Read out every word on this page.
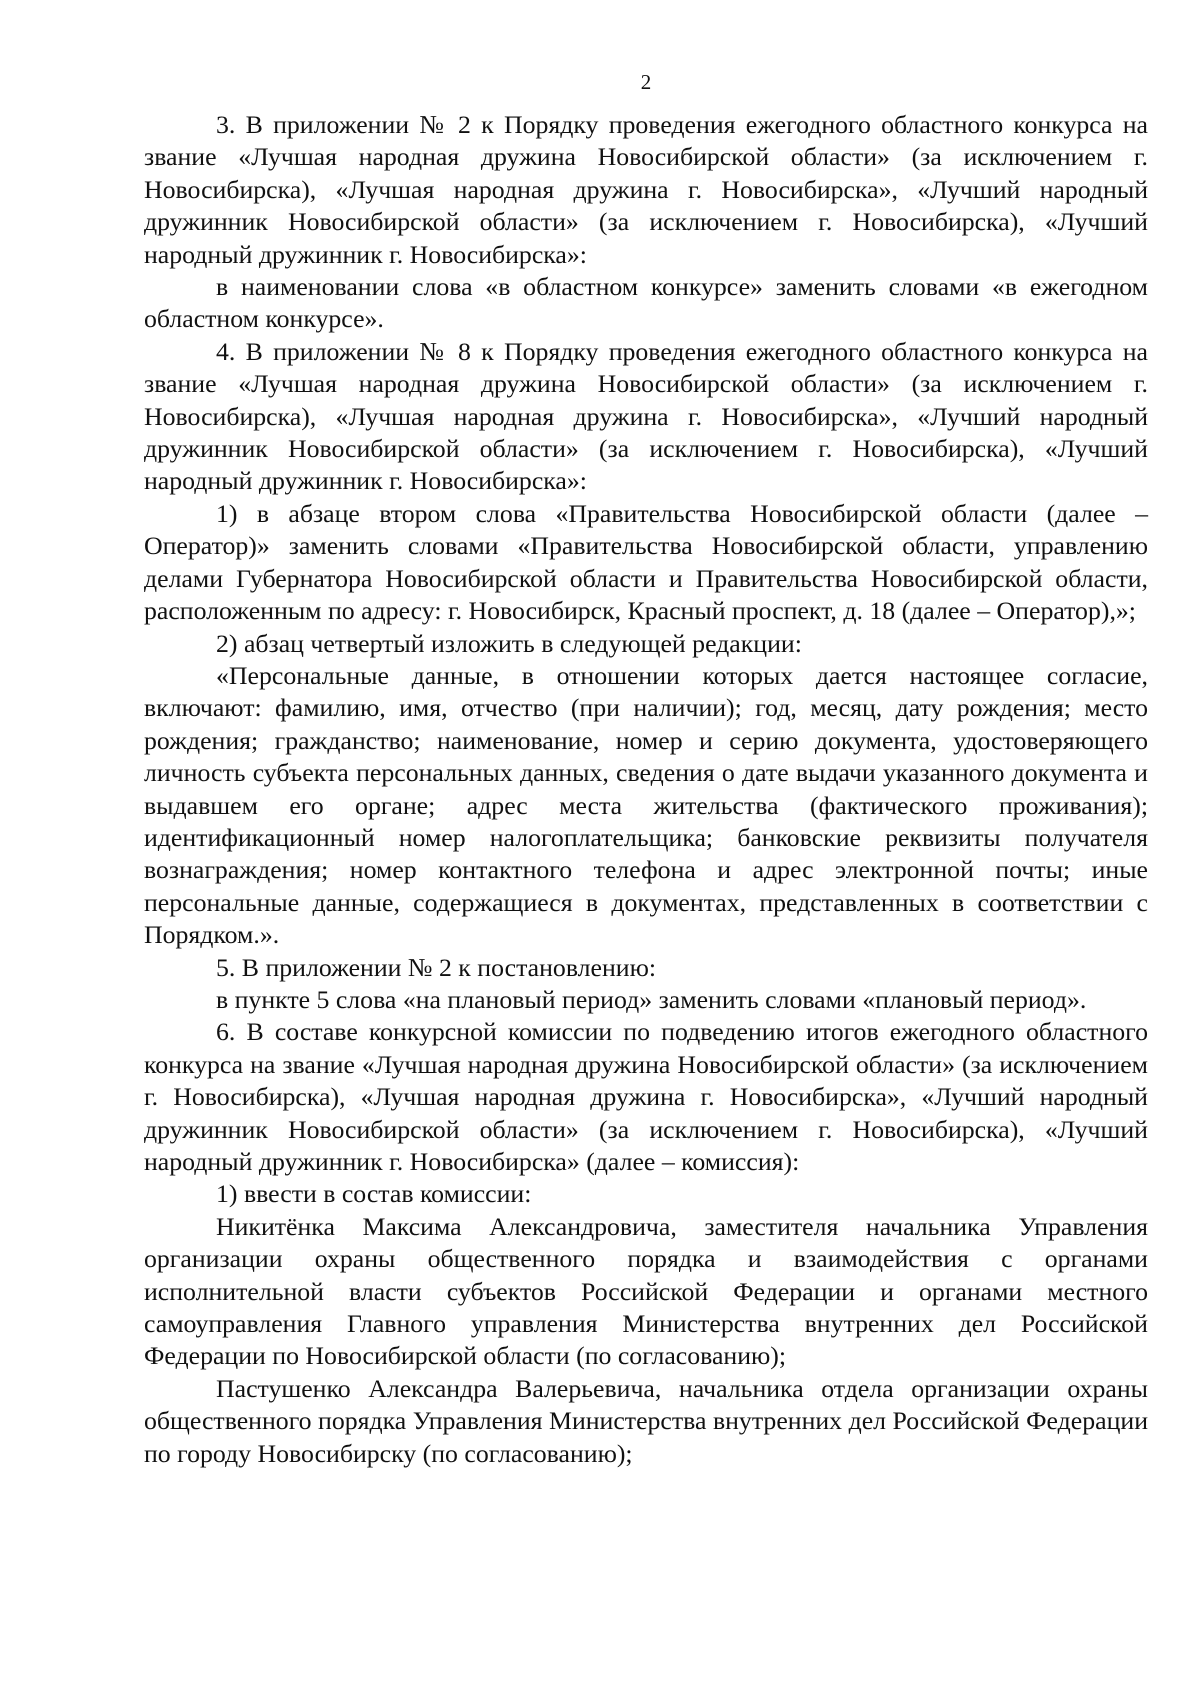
2

3. В приложении № 2 к Порядку проведения ежегодного областного конкурса на звание «Лучшая народная дружина Новосибирской области» (за исключением г. Новосибирска), «Лучшая народная дружина г. Новосибирска», «Лучший народный дружинник Новосибирской области» (за исключением г. Новосибирска), «Лучший народный дружинник г. Новосибирска»:

в наименовании слова «в областном конкурсе» заменить словами «в ежегодном областном конкурсе».

4. В приложении № 8 к Порядку проведения ежегодного областного конкурса на звание «Лучшая народная дружина Новосибирской области» (за исключением г. Новосибирска), «Лучшая народная дружина г. Новосибирска», «Лучший народный дружинник Новосибирской области» (за исключением г. Новосибирска), «Лучший народный дружинник г. Новосибирска»:

1) в абзаце втором слова «Правительства Новосибирской области (далее – Оператор)» заменить словами «Правительства Новосибирской области, управлению делами Губернатора Новосибирской области и Правительства Новосибирской области, расположенным по адресу: г. Новосибирск, Красный проспект, д. 18 (далее – Оператор),»;

2) абзац четвертый изложить в следующей редакции:

«Персональные данные, в отношении которых дается настоящее согласие, включают: фамилию, имя, отчество (при наличии); год, месяц, дату рождения; место рождения; гражданство; наименование, номер и серию документа, удостоверяющего личность субъекта персональных данных, сведения о дате выдачи указанного документа и выдавшем его органе; адрес места жительства (фактического проживания); идентификационный номер налогоплательщика; банковские реквизиты получателя вознаграждения; номер контактного телефона и адрес электронной почты; иные персональные данные, содержащиеся в документах, представленных в соответствии с Порядком.».

5. В приложении № 2 к постановлению:

в пункте 5 слова «на плановый период» заменить словами «плановый период».

6. В составе конкурсной комиссии по подведению итогов ежегодного областного конкурса на звание «Лучшая народная дружина Новосибирской области» (за исключением г. Новосибирска), «Лучшая народная дружина г. Новосибирска», «Лучший народный дружинник Новосибирской области» (за исключением г. Новосибирска), «Лучший народный дружинник г. Новосибирска» (далее – комиссия):

1) ввести в состав комиссии:

Никитёнка Максима Александровича, заместителя начальника Управления организации охраны общественного порядка и взаимодействия с органами исполнительной власти субъектов Российской Федерации и органами местного самоуправления Главного управления Министерства внутренних дел Российской Федерации по Новосибирской области (по согласованию);

Пастушенко Александра Валерьевича, начальника отдела организации охраны общественного порядка Управления Министерства внутренних дел Российской Федерации по городу Новосибирску (по согласованию);
